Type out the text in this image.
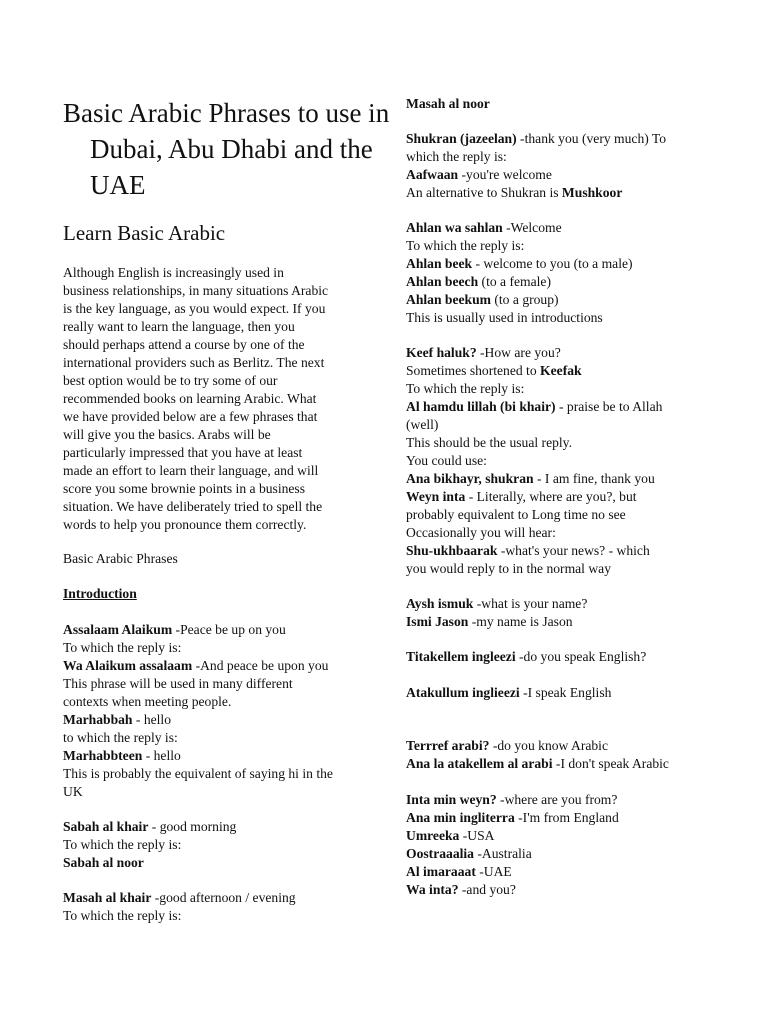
Basic Arabic Phrases to use in Dubai, Abu Dhabi and the UAE
Learn Basic Arabic
Although English is increasingly used in
business relationships, in many situations Arabic
is the key language, as you would expect. If you
really want to learn the language, then you
should perhaps attend a course by one of the
international providers such as Berlitz. The next
best option would be to try some of our
recommended books on learning Arabic. What
we have provided below are a few phrases that
will give you the basics. Arabs will be
particularly impressed that you have at least
made an effort to learn their language, and will
score you some brownie points in a business
situation. We have deliberately tried to spell the
words to help you pronounce them correctly.
Basic Arabic Phrases
Introduction
Assalaam Alaikum -Peace be up on you
To which the reply is:
Wa Alaikum assalaam -And peace be upon you
This phrase will be used in many different
contexts when meeting people.
Marhabbah - hello
to which the reply is:
Marhabbteen - hello
This is probably the equivalent of saying hi in the
UK
Sabah al khair - good morning
To which the reply is:
Sabah al noor
Masah al khair -good afternoon / evening
To which the reply is:
Masah al noor
Shukran (jazeelan) -thank you (very much) To
which the reply is:
Aafwaan -you're welcome
An alternative to Shukran is Mushkoor
Ahlan wa sahlan -Welcome
To which the reply is:
Ahlan beek - welcome to you (to a male)
Ahlan beech (to a female)
Ahlan beekum (to a group)
This is usually used in introductions
Keef haluk? -How are you?
Sometimes shortened to Keefak
To which the reply is:
Al hamdu lillah (bi khair) - praise be to Allah
(well)
This should be the usual reply.
You could use:
Ana bikhayr, shukran - I am fine, thank you
Weyn inta - Literally, where are you?, but
probably equivalent to Long time no see
Occasionally you will hear:
Shu-ukhbaarak -what's your news? - which
you would reply to in the normal way
Aysh ismuk -what is your name?
Ismi Jason -my name is Jason
Titakellem ingleezi -do you speak English?
Atakullum inglieezi -I speak English
Terrref arabi? -do you know Arabic
Ana la atakellem al arabi -I don't speak Arabic
Inta min weyn? -where are you from?
Ana min ingliterra -I'm from England
Umreeka -USA
Oostraaalia -Australia
Al imaraaat -UAE
Wa inta? -and you?
